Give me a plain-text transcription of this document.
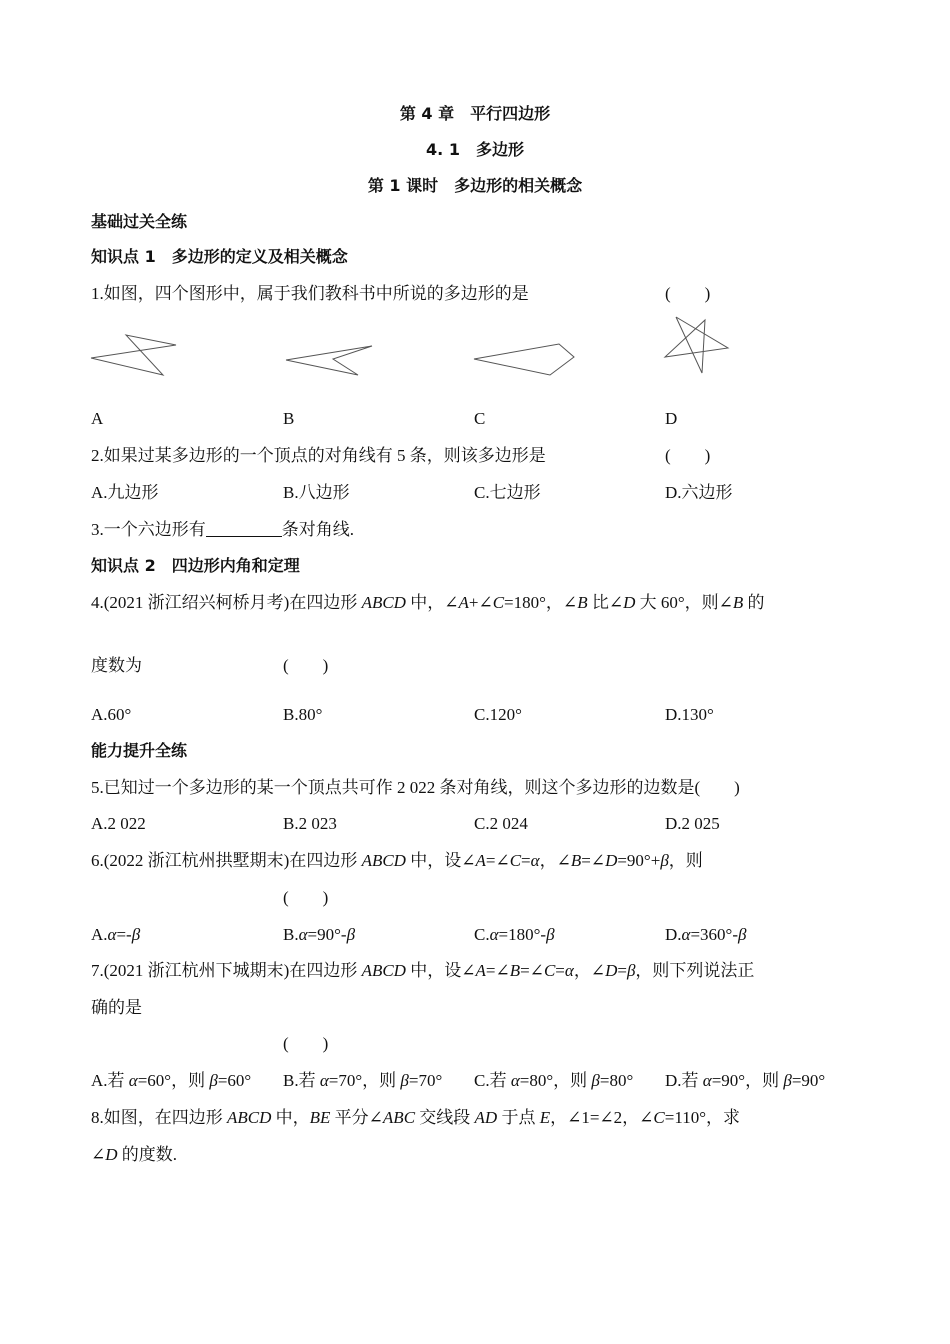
第 4 章　平行四边形
4. 1　多边形
第 1 课时　多边形的相关概念
基础过关全练
知识点 1　多边形的定义及相关概念
1.如图，四个图形中，属于我们教科书中所说的多边形的是	(　　)
A	B	C	D
2.如果过某多边形的一个顶点的对角线有 5 条，则该多边形是	(　　)
A.九边形	B.八边形	C.七边形	D.六边形
3.一个六边形有	条对角线.
知识点 2　四边形内角和定理
4.(2021 浙江绍兴柯桥月考)在四边形 ABCD 中，∠A+∠C=180°，∠B 比∠D 大 60°，则∠B 的
度数为	(　　)
A.60°	B.80°	C.120°	D.130°
能力提升全练
5.已知过一个多边形的某一个顶点共可作 2 022 条对角线，则这个多边形的边数是(　　)
A.2 022	B.2 023	C.2 024	D.2 025
6.(2022 浙江杭州拱墅期末)在四边形 ABCD 中，设∠A=∠C=α，∠B=∠D=90°+β，则
(　　)
A.α=-β	B.α=90°-β	C.α=180°-β	D.α=360°-β
7.(2021 浙江杭州下城期末)在四边形 ABCD 中，设∠A=∠B=∠C=α，∠D=β，则下列说法正
确的是
(　　)
A.若 α=60°，则 β=60° B.若 α=70°，则 β=70° C.若 α=80°，则 β=80° D.若 α=90°，则 β=90°
8.如图，在四边形 ABCD 中，BE 平分∠ABC 交线段 AD 于点 E，∠1=∠2，∠C=110°，求
∠D 的度数.
